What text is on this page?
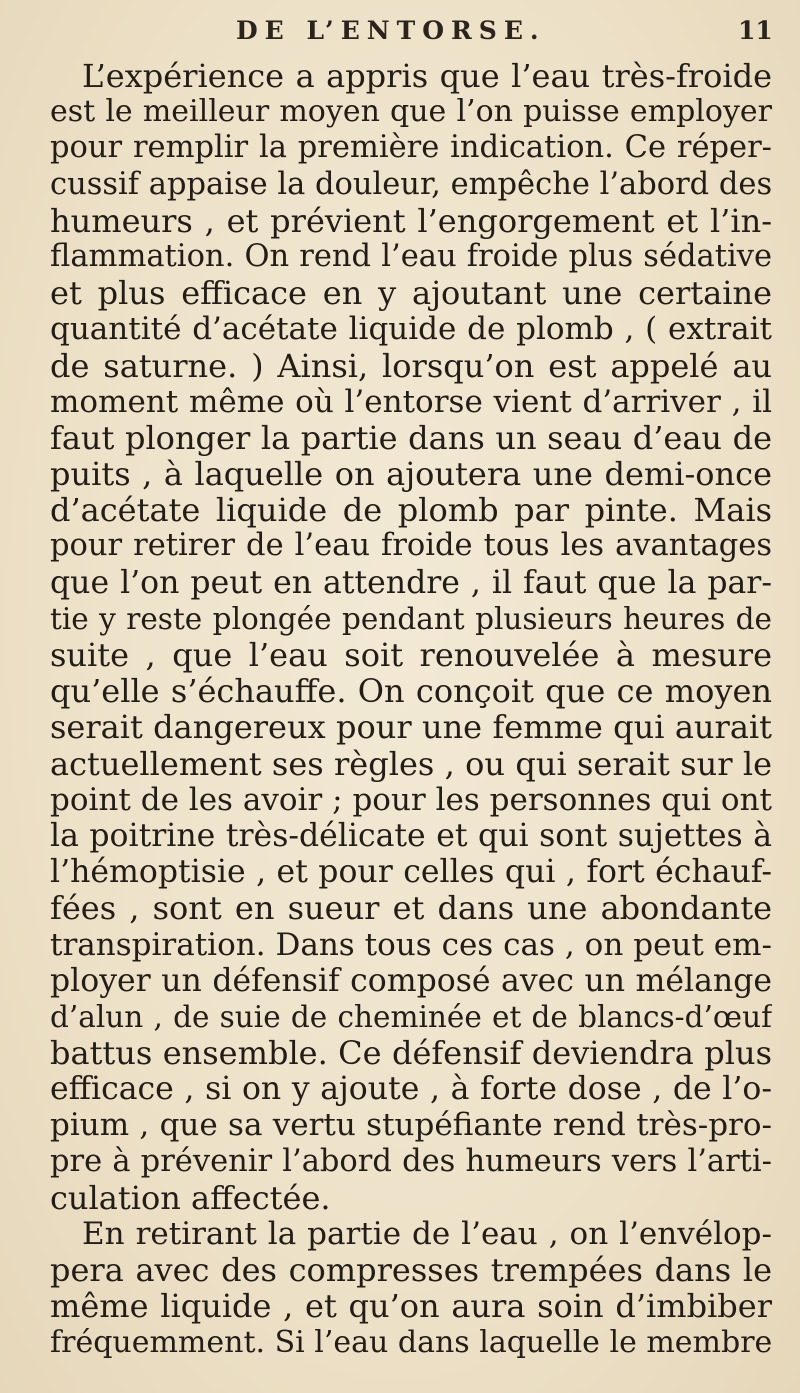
DE L’ENTORSE.	11
L’expérience a appris que l’eau très-froide
est le meilleur moyen que l’on puisse employer
pour remplir la première indication. Ce réper-
cussif appaise la douleur, empêche l’abord des
humeurs , et prévient l’engorgement et l’in-
flammation. On rend l’eau froide plus sédative
et plus efficace en y ajoutant une certaine
quantité d’acétate liquide de plomb , ( extrait
de saturne. ) Ainsi, lorsqu’on est appelé au
moment même où l’entorse vient d’arriver , il
faut plonger la partie dans un seau d’eau de
puits , à laquelle on ajoutera une demi-once
d’acétate liquide de plomb par pinte. Mais
pour retirer de l’eau froide tous les avantages
que l’on peut en attendre , il faut que la par-
tie y reste plongée pendant plusieurs heures de
suite , que l’eau soit renouvelée à mesure
qu’elle s’échauffe. On conçoit que ce moyen
serait dangereux pour une femme qui aurait
actuellement ses règles , ou qui serait sur le
point de les avoir ; pour les personnes qui ont
la poitrine très-délicate et qui sont sujettes à
l’hémoptisie , et pour celles qui , fort échauf-
fées , sont en sueur et dans une abondante
transpiration. Dans tous ces cas , on peut em-
ployer un défensif composé avec un mélange
d’alun , de suie de cheminée et de blancs-d’œuf
battus ensemble. Ce défensif deviendra plus
efficace , si on y ajoute , à forte dose , de l’o-
pium , que sa vertu stupéfiante rend très-pro-
pre à prévenir l’abord des humeurs vers l’arti-
culation affectée.
En retirant la partie de l’eau , on l’envélop-
pera avec des compresses trempées dans le
même liquide , et qu’on aura soin d’imbiber
fréquemment. Si l’eau dans laquelle le membre
